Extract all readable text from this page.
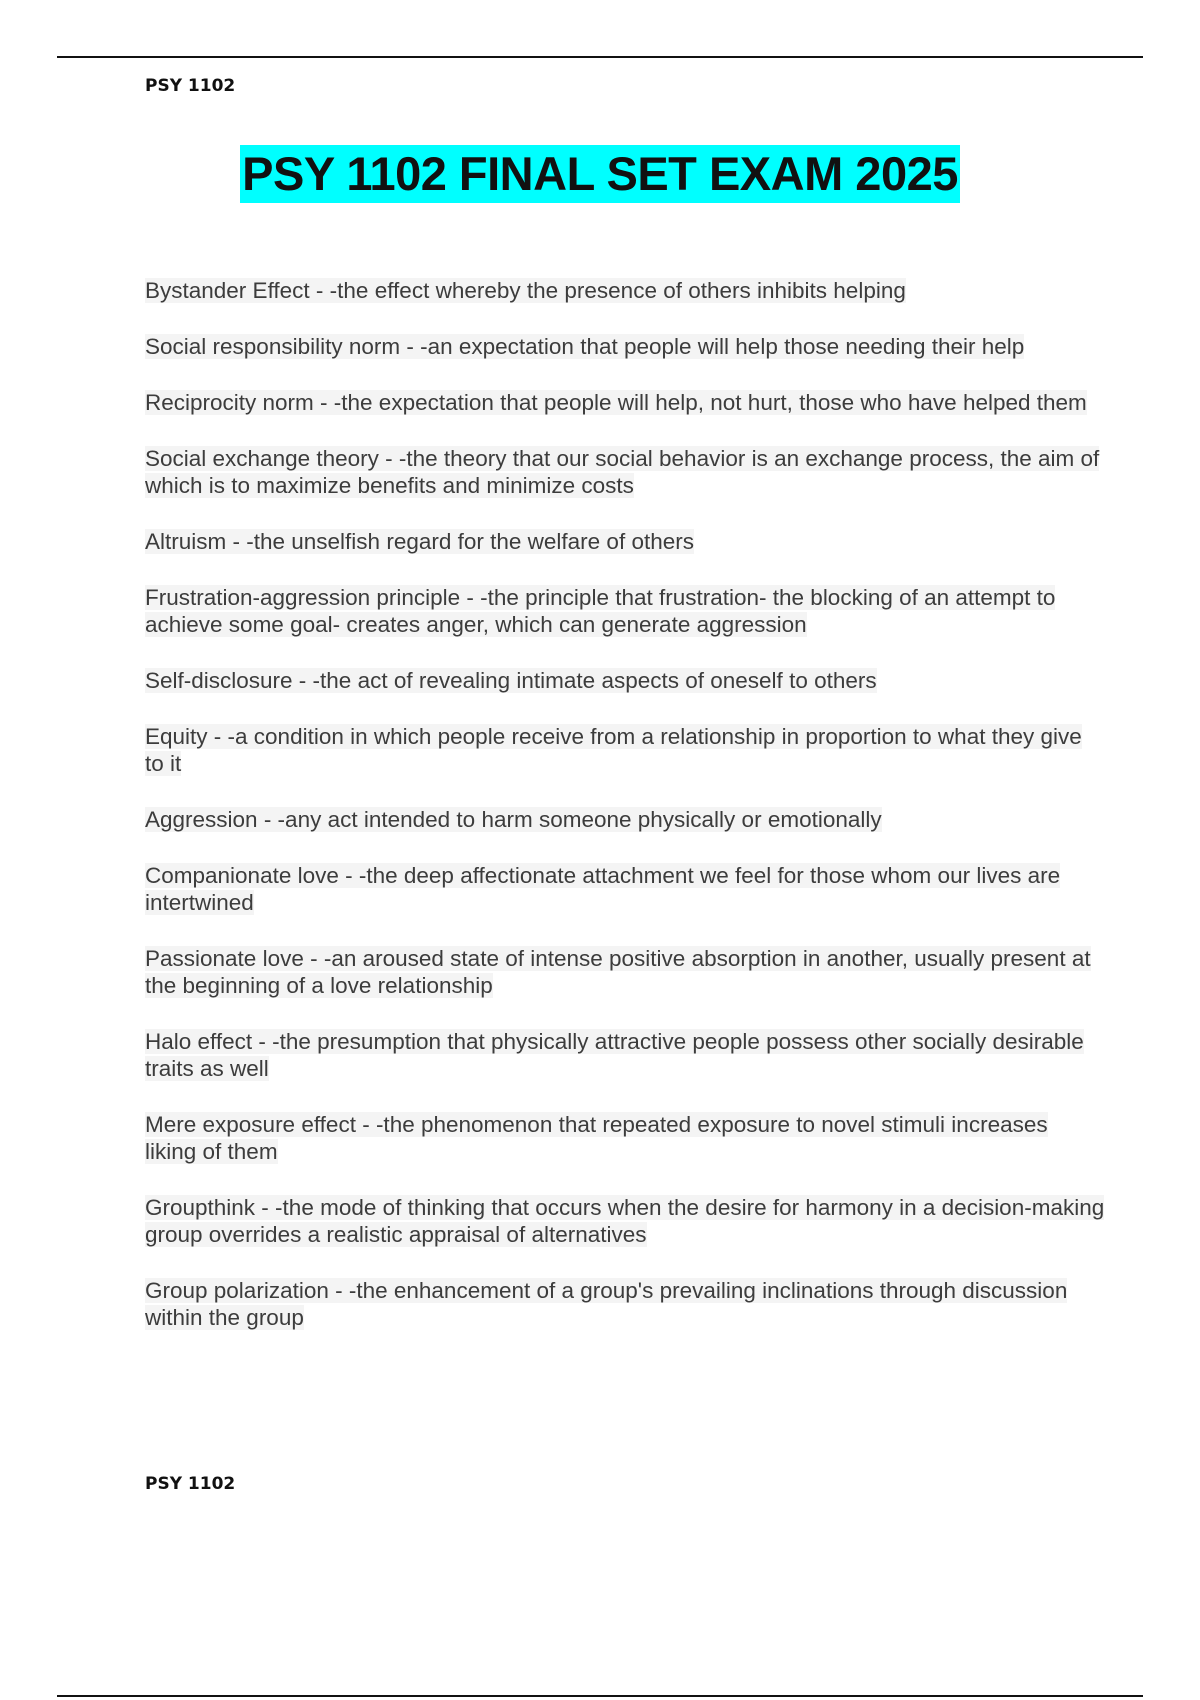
PSY 1102
PSY 1102 FINAL SET EXAM 2025
Bystander Effect - -the effect whereby the presence of others inhibits helping
Social responsibility norm - -an expectation that people will help those needing their help
Reciprocity norm - -the expectation that people will help, not hurt, those who have helped them
Social exchange theory - -the theory that our social behavior is an exchange process, the aim of which is to maximize benefits and minimize costs
Altruism - -the unselfish regard for the welfare of others
Frustration-aggression principle - -the principle that frustration- the blocking of an attempt to achieve some goal- creates anger, which can generate aggression
Self-disclosure - -the act of revealing intimate aspects of oneself to others
Equity - -a condition in which people receive from a relationship in proportion to what they give to it
Aggression - -any act intended to harm someone physically or emotionally
Companionate love - -the deep affectionate attachment we feel for those whom our lives are intertwined
Passionate love - -an aroused state of intense positive absorption in another, usually present at the beginning of a love relationship
Halo effect - -the presumption that physically attractive people possess other socially desirable traits as well
Mere exposure effect - -the phenomenon that repeated exposure to novel stimuli increases liking of them
Groupthink - -the mode of thinking that occurs when the desire for harmony in a decision-making group overrides a realistic appraisal of alternatives
Group polarization - -the enhancement of a group's prevailing inclinations through discussion within the group
PSY 1102
